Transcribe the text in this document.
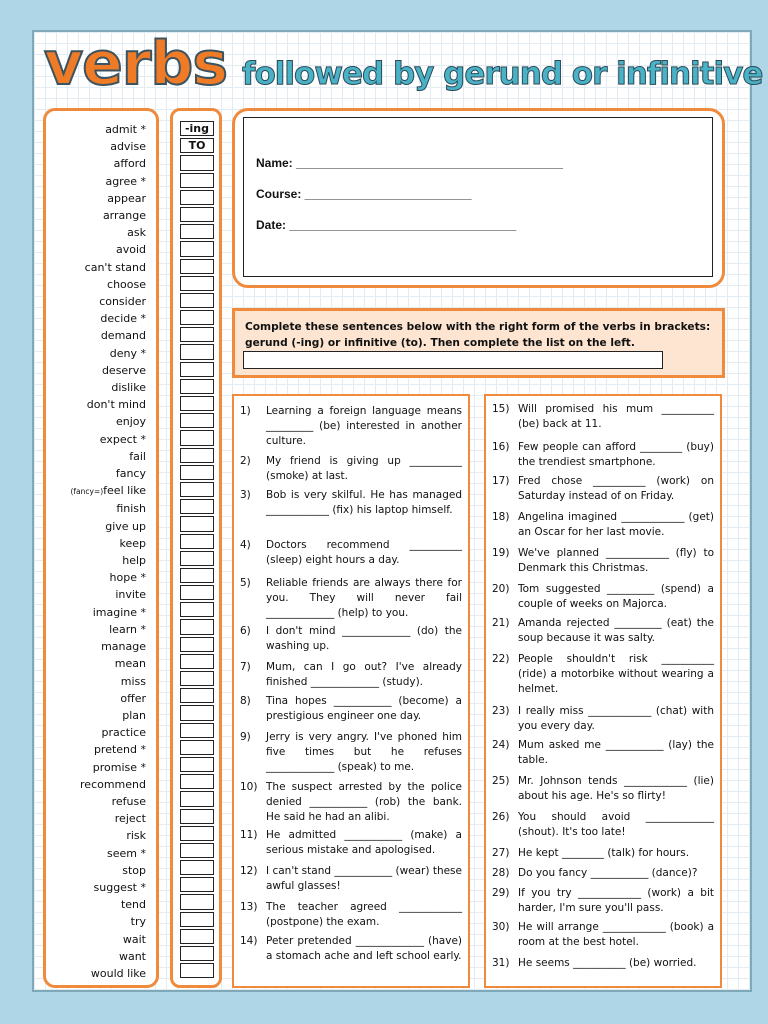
verbs followed by gerund or infinitive
admit *
advise
afford
agree *
appear
arrange
ask
avoid
can't stand
choose
consider
decide *
demand
deny *
deserve
dislike
don't mind
enjoy
expect *
fail
fancy
(fancy=)feel like
finish
give up
keep
help
hope *
invite
imagine *
learn *
manage
mean
miss
offer
plan
practice
pretend *
promise *
recommend
refuse
reject
risk
seem *
stop
suggest *
tend
try
wait
want
would like
-ing
TO
Name: ________________________________________
Course: _________________________
Date: __________________________________
Complete these sentences below with the right form of the verbs in brackets: gerund (-ing) or infinitive (to). Then complete the list on the left.
1) Learning a foreign language means _________ (be) interested in another culture.
2) My friend is giving up __________ (smoke) at last.
3) Bob is very skilful. He has managed ____________ (fix) his laptop himself.
4) Doctors recommend __________ (sleep) eight hours a day.
5) Reliable friends are always there for you. They will never fail _____________ (help) to you.
6) I don't mind _____________ (do) the washing up.
7) Mum, can I go out? I've already finished _____________ (study).
8) Tina hopes ___________ (become) a prestigious engineer one day.
9) Jerry is very angry. I've phoned him five times but he refuses _____________ (speak) to me.
10) The suspect arrested by the police denied ___________ (rob) the bank. He said he had an alibi.
11) He admitted ___________ (make) a serious mistake and apologised.
12) I can't stand ___________ (wear) these awful glasses!
13) The teacher agreed ____________ (postpone) the exam.
14) Peter pretended _____________ (have) a stomach ache and left school early.
15) Will promised his mum __________ (be) back at 11.
16) Few people can afford ________ (buy) the trendiest smartphone.
17) Fred chose __________ (work) on Saturday instead of on Friday.
18) Angelina imagined ____________ (get) an Oscar for her last movie.
19) We've planned ____________ (fly) to Denmark this Christmas.
20) Tom suggested _________ (spend) a couple of weeks on Majorca.
21) Amanda rejected _________ (eat) the soup because it was salty.
22) People shouldn't risk __________ (ride) a motorbike without wearing a helmet.
23) I really miss ____________ (chat) with you every day.
24) Mum asked me ___________ (lay) the table.
25) Mr. Johnson tends ____________ (lie) about his age. He's so flirty!
26) You should avoid _____________ (shout). It's too late!
27) He kept ________ (talk) for hours.
28) Do you fancy ___________ (dance)?
29) If you try ____________ (work) a bit harder, I'm sure you'll pass.
30) He will arrange ____________ (book) a room at the best hotel.
31) He seems __________ (be) worried.
